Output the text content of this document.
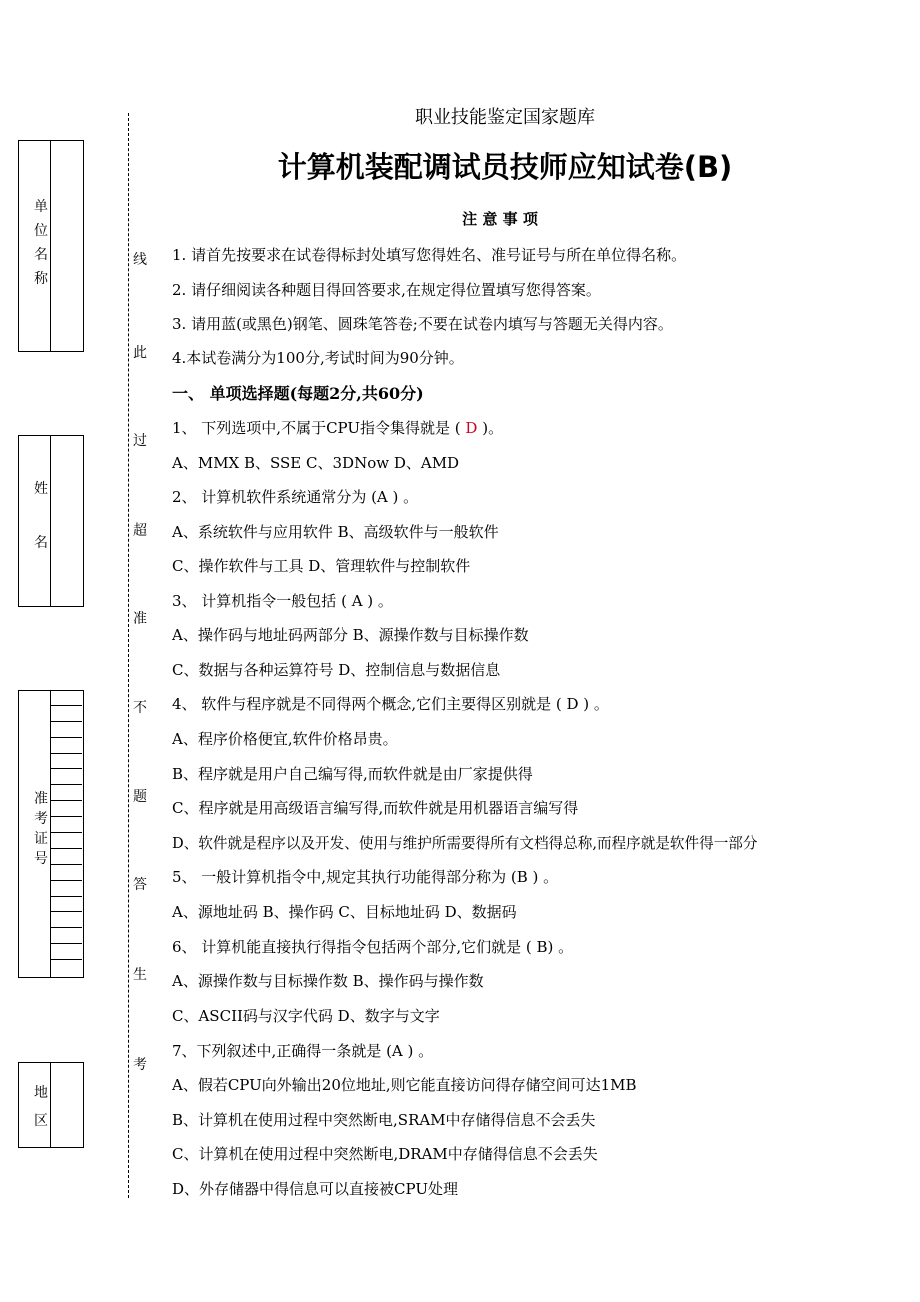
单
位
名
称
姓
名
准
考
证
号
地
区
线
此
过
超
准
不
题
答
生
考
职业技能鉴定国家题库
计算机装配调试员技师应知试卷(B)
注 意 事 项
1. 请首先按要求在试卷得标封处填写您得姓名、准号证号与所在单位得名称。
2. 请仔细阅读各种题目得回答要求,在规定得位置填写您得答案。
3. 请用蓝(或黑色)钢笔、圆珠笔答卷;不要在试卷内填写与答题无关得内容。
4.本试卷满分为100分,考试时间为90分钟。
一、 单项选择题(每题2分,共60分)
1、 下列选项中,不属于CPU指令集得就是 ( D )。
A、MMX B、SSE C、3DNow D、AMD
2、 计算机软件系统通常分为 (A ) 。
A、系统软件与应用软件 B、高级软件与一般软件
C、操作软件与工具 D、管理软件与控制软件
3、 计算机指令一般包括 ( A ) 。
A、操作码与地址码两部分 B、源操作数与目标操作数
C、数据与各种运算符号 D、控制信息与数据信息
4、 软件与程序就是不同得两个概念,它们主要得区别就是 ( D ) 。
A、程序价格便宜,软件价格昂贵。
B、程序就是用户自己编写得,而软件就是由厂家提供得
C、程序就是用高级语言编写得,而软件就是用机器语言编写得
D、软件就是程序以及开发、使用与维护所需要得所有文档得总称,而程序就是软件得一部分
5、 一般计算机指令中,规定其执行功能得部分称为 (B ) 。
A、源地址码 B、操作码 C、目标地址码 D、数据码
6、 计算机能直接执行得指令包括两个部分,它们就是 ( B) 。
A、源操作数与目标操作数 B、操作码与操作数
C、ASCII码与汉字代码 D、数字与文字
7、下列叙述中,正确得一条就是 (A ) 。
A、假若CPU向外输出20位地址,则它能直接访问得存储空间可达1MB
B、计算机在使用过程中突然断电,SRAM中存储得信息不会丢失
C、计算机在使用过程中突然断电,DRAM中存储得信息不会丢失
D、外存储器中得信息可以直接被CPU处理
